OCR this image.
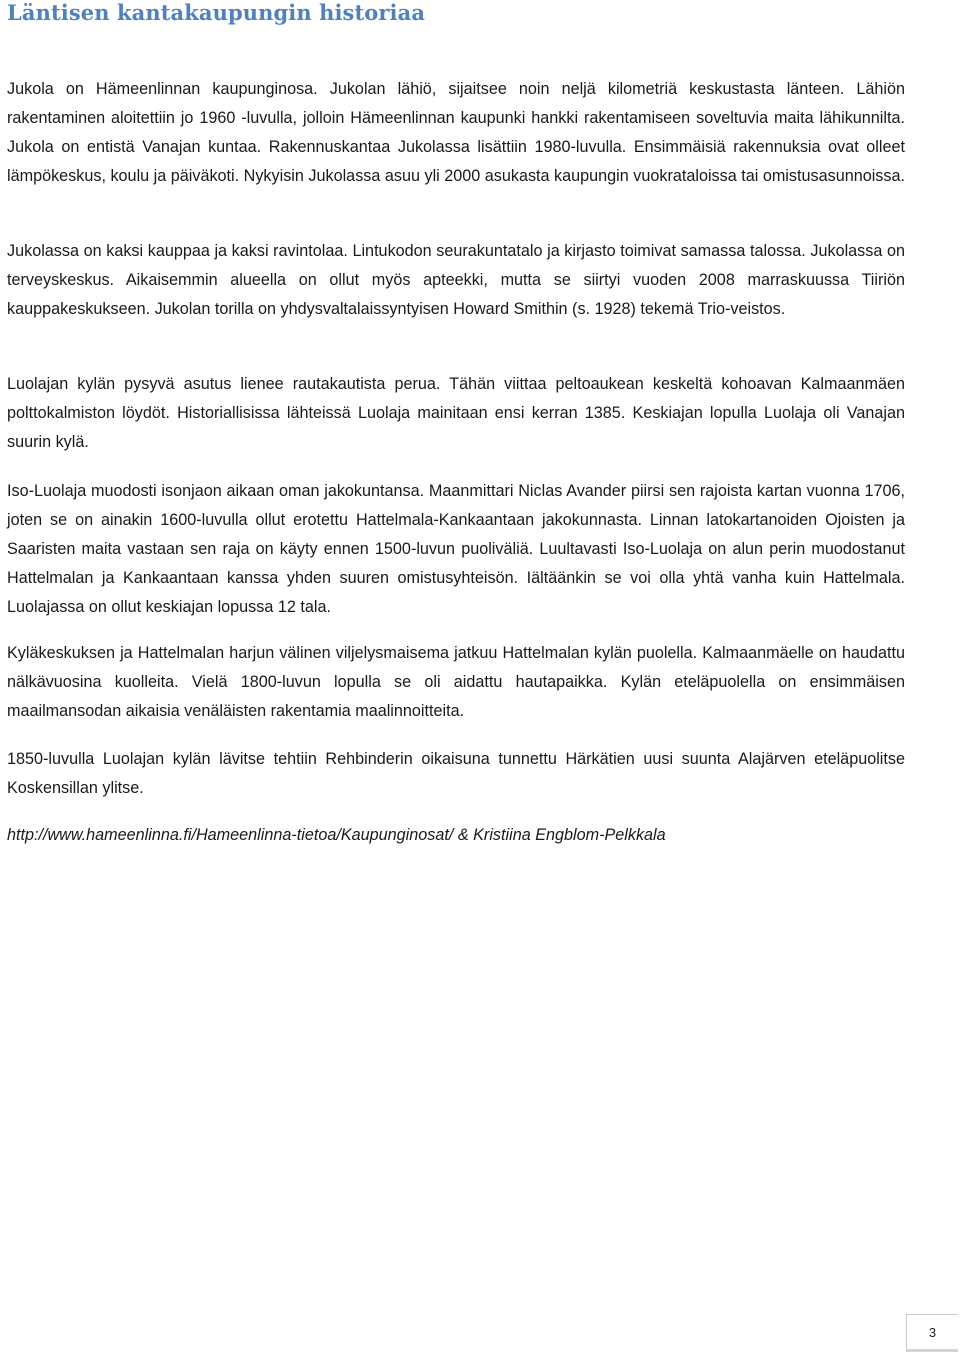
Läntisen kantakaupungin historiaa

Jukola on Hämeenlinnan kaupunginosa. Jukolan lähiö, sijaitsee noin neljä kilometriä keskustasta länteen. Lähiön rakentaminen aloitettiin jo 1960 -luvulla, jolloin Hämeenlinnan kaupunki hankki rakentamiseen soveltuvia maita lähikunnilta. Jukola on entistä Vanajan kuntaa. Rakennuskantaa Jukolassa lisättiin 1980-luvulla. Ensimmäisiä rakennuksia ovat olleet lämpökeskus, koulu ja päiväkoti. Nykyisin Jukolassa asuu yli 2000 asukasta kaupungin vuokrataloissa tai omistusasunnoissa.

Jukolassa on kaksi kauppaa ja kaksi ravintolaa. Lintukodon seurakuntatalo ja kirjasto toimivat samassa talossa. Jukolassa on terveyskeskus. Aikaisemmin alueella on ollut myös apteekki, mutta se siirtyi vuoden 2008 marraskuussa Tiiriön kauppakeskukseen. Jukolan torilla on yhdysvaltalaissyntyisen Howard Smithin (s. 1928) tekemä Trio-veistos.

Luolajan kylän pysyvä asutus lienee rautakautista perua. Tähän viittaa peltoaukean keskeltä kohoavan Kalmaanmäen polttokalmiston löydöt. Historiallisissa lähteissä Luolaja mainitaan ensi kerran 1385. Keskiajan lopulla Luolaja oli Vanajan suurin kylä.

Iso-Luolaja muodosti isonjaon aikaan oman jakokuntansa. Maanmittari Niclas Avander piirsi sen rajoista kartan vuonna 1706, joten se on ainakin 1600-luvulla ollut erotettu Hattelmala-Kankaantaan jakokunnasta. Linnan latokartanoiden Ojoisten ja Saaristen maita vastaan sen raja on käyty ennen 1500-luvun puoliväliä. Luultavasti Iso-Luolaja on alun perin muodostanut Hattelmalan ja Kankaantaan kanssa yhden suuren omistusyhteisön. Iältäänkin se voi olla yhtä vanha kuin Hattelmala. Luolajassa on ollut keskiajan lopussa 12 tala.

Kyläkeskuksen ja Hattelmalan harjun välinen viljelysmaisema jatkuu Hattelmalan kylän puolella. Kalmaanmäelle on haudattu nälkävuosina kuolleita. Vielä 1800-luvun lopulla se oli aidattu hautapaikka. Kylän eteläpuolella on ensimmäisen maailmansodan aikaisia venäläisten rakentamia maalinnoitteita.

1850-luvulla Luolajan kylän lävitse tehtiin Rehbinderin oikaisuna tunnettu Härkätien uusi suunta Alajärven eteläpuolitse Koskensillan ylitse.

http://www.hameenlinna.fi/Hameenlinna-tietoa/Kaupunginosat/ & Kristiina Engblom-Pelkkala

3
